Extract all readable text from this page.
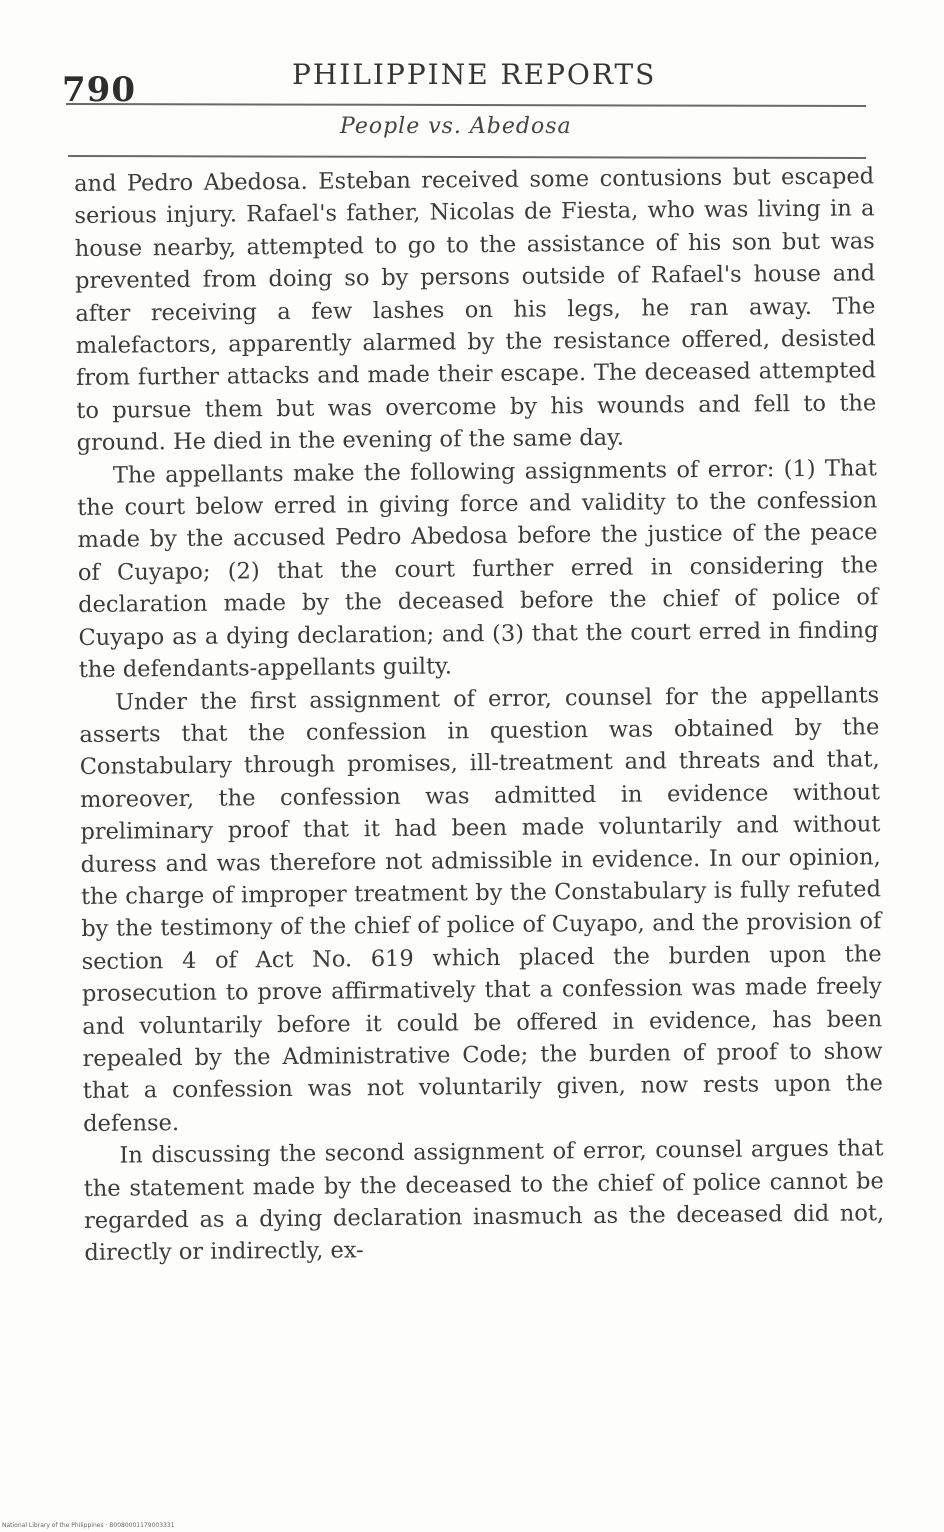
790	PHILIPPINE REPORTS
People vs. Abedosa

and Pedro Abedosa. Esteban received some contusions but escaped serious injury. Rafael's father, Nicolas de Fiesta, who was living in a house nearby, attempted to go to the assistance of his son but was prevented from doing so by persons outside of Rafael's house and after receiving a few lashes on his legs, he ran away. The malefactors, apparently alarmed by the resistance offered, desisted from further attacks and made their escape. The deceased attempted to pursue them but was overcome by his wounds and fell to the ground. He died in the evening of the same day.

The appellants make the following assignments of error: (1) That the court below erred in giving force and validity to the confession made by the accused Pedro Abedosa before the justice of the peace of Cuyapo; (2) that the court further erred in considering the declaration made by the deceased before the chief of police of Cuyapo as a dying declaration; and (3) that the court erred in finding the defendants-appellants guilty.

Under the first assignment of error, counsel for the appellants asserts that the confession in question was obtained by the Constabulary through promises, ill-treatment and threats and that, moreover, the confession was admitted in evidence without preliminary proof that it had been made voluntarily and without duress and was therefore not admissible in evidence. In our opinion, the charge of improper treatment by the Constabulary is fully refuted by the testimony of the chief of police of Cuyapo, and the provision of section 4 of Act No. 619 which placed the burden upon the prosecution to prove affirmatively that a confession was made freely and voluntarily before it could be offered in evidence, has been repealed by the Administrative Code; the burden of proof to show that a confession was not voluntarily given, now rests upon the defense.

In discussing the second assignment of error, counsel argues that the statement made by the deceased to the chief of police cannot be regarded as a dying declaration inasmuch as the deceased did not, directly or indirectly, ex-

National Library of the Philippines · B0080001179003331
